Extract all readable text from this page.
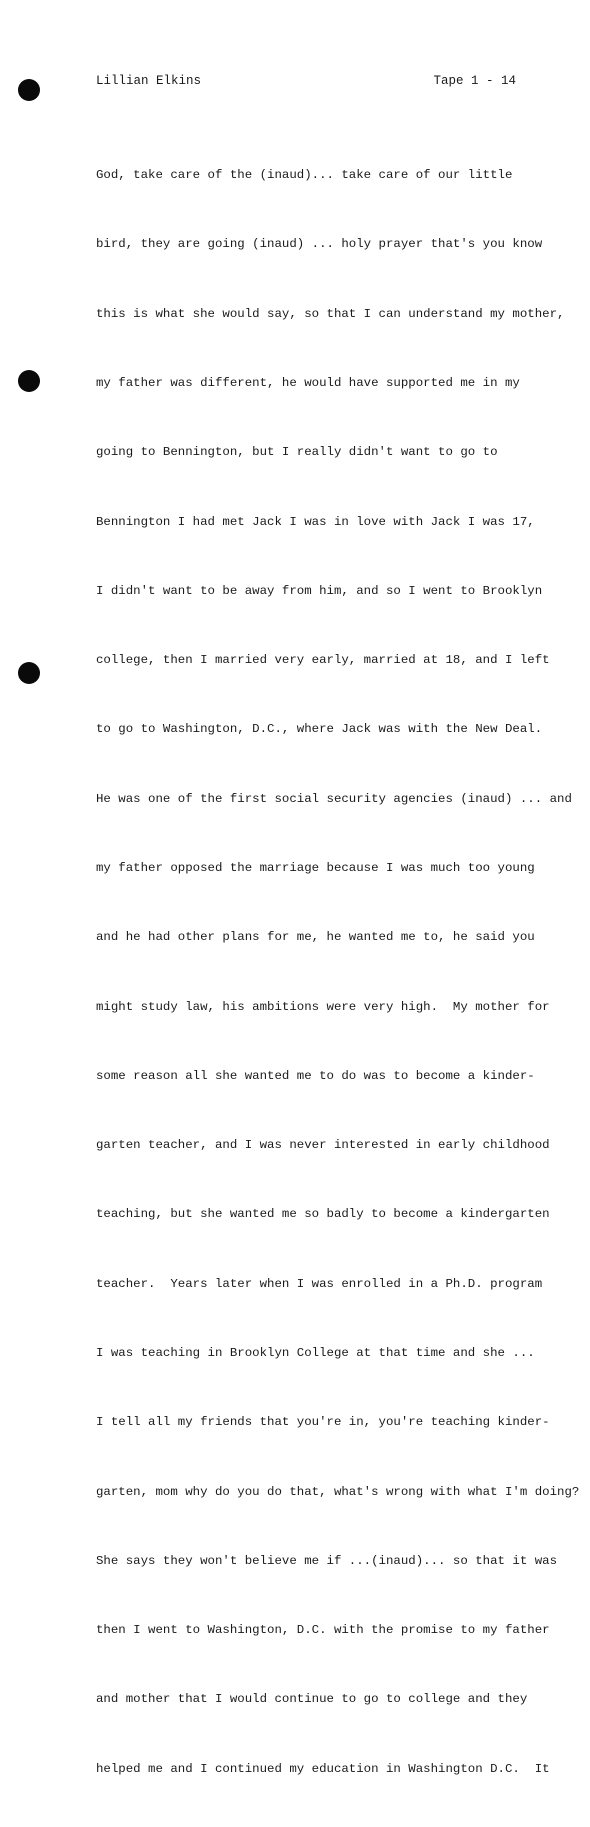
Lillian Elkins	Tape 1 - 14

God, take care of the (inaud)... take care of our little

bird, they are going (inaud) ... holy prayer that's you know

this is what she would say, so that I can understand my mother,

my father was different, he would have supported me in my

going to Bennington, but I really didn't want to go to

Bennington I had met Jack I was in love with Jack I was 17,

I didn't want to be away from him, and so I went to Brooklyn

college, then I married very early, married at 18, and I left

to go to Washington, D.C., where Jack was with the New Deal.

He was one of the first social security agencies (inaud) ... and

my father opposed the marriage because I was much too young

and he had other plans for me, he wanted me to, he said you

might study law, his ambitions were very high.  My mother for

some reason all she wanted me to do was to become a kinder-

garten teacher, and I was never interested in early childhood

teaching, but she wanted me so badly to become a kindergarten

teacher.  Years later when I was enrolled in a Ph.D. program

I was teaching in Brooklyn College at that time and she ...

I tell all my friends that you're in, you're teaching kinder-

garten, mom why do you do that, what's wrong with what I'm doing?

She says they won't believe me if ...(inaud)... so that it was

then I went to Washington, D.C. with the promise to my father

and mother that I would continue to go to college and they

helped me and I continued my education in Washington D.C.  It
